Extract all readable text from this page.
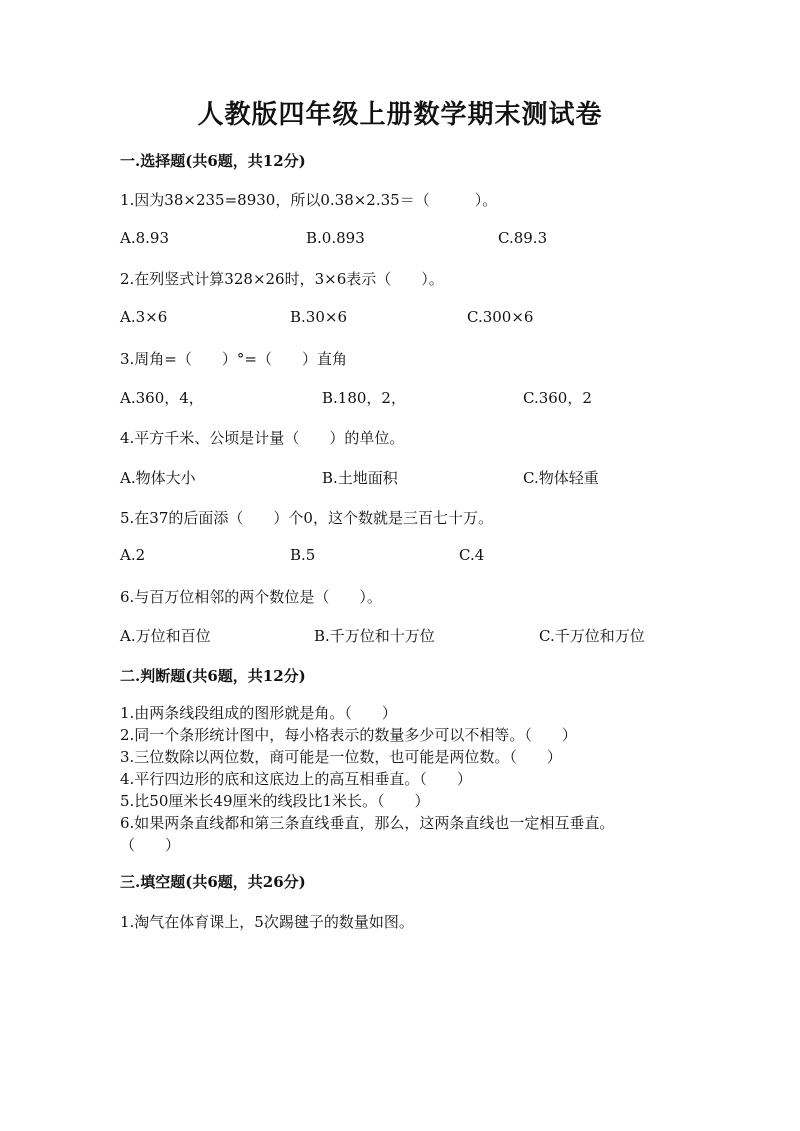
人教版四年级上册数学期末测试卷
一.选择题(共6题，共12分)
1.因为38×235=8930，所以0.38×2.35＝（　　　）。
A.8.93	B.0.893	C.89.3
2.在列竖式计算328×26时，3×6表示（　　）。
A.3×6	B.30×6	C.300×6
3.周角=（　　）°=（　　）直角
A.360，4，	B.180，2，	C.360，2
4.平方千米、公顷是计量（　　）的单位。
A.物体大小	B.土地面积	C.物体轻重
5.在37的后面添（　　）个0，这个数就是三百七十万。
A.2	B.5	C.4
6.与百万位相邻的两个数位是（　　）。
A.万位和百位	B.千万位和十万位	C.千万位和万位
二.判断题(共6题，共12分)
1.由两条线段组成的图形就是角。（　　）
2.同一个条形统计图中，每小格表示的数量多少可以不相等。（　　）
3.三位数除以两位数，商可能是一位数，也可能是两位数。（　　）
4.平行四边形的底和这底边上的高互相垂直。（　　）
5.比50厘米长49厘米的线段比1米长。（　　）
6.如果两条直线都和第三条直线垂直，那么，这两条直线也一定相互垂直。
（　　）
三.填空题(共6题，共26分)
1.淘气在体育课上，5次踢毽子的数量如图。
